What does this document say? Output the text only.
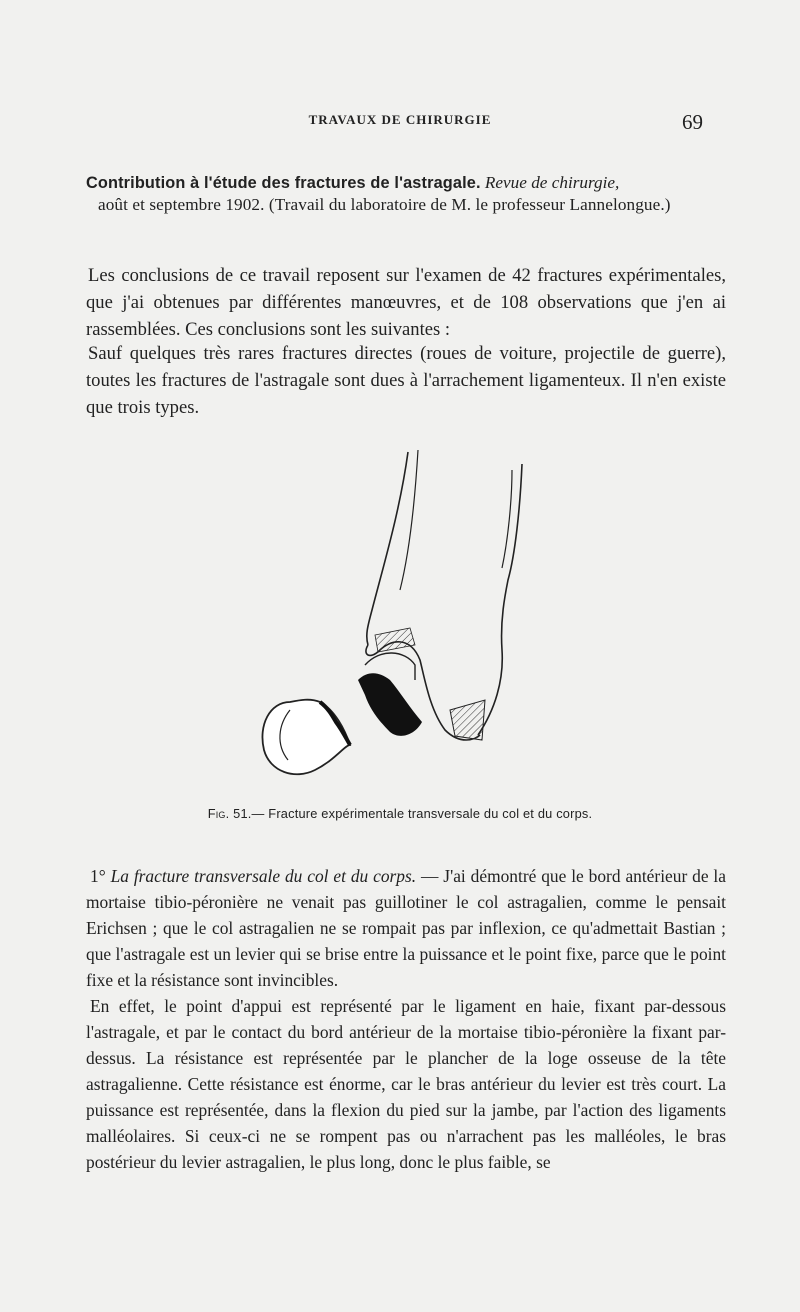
TRAVAUX DE CHIRURGIE	69
Contribution à l'étude des fractures de l'astragale. Revue de chirurgie,
août et septembre 1902. (Travail du laboratoire de M. le professeur Lannelongue.)
Les conclusions de ce travail reposent sur l'examen de 42 fractures expérimentales, que j'ai obtenues par différentes manœuvres, et de 108 observations que j'en ai rassemblées. Ces conclusions sont les suivantes :
Sauf quelques très rares fractures directes (roues de voiture, projectile de guerre), toutes les fractures de l'astragale sont dues à l'arrachement ligamenteux. Il n'en existe que trois types.
Fig. 51.— Fracture expérimentale transversale du col et du corps.

1° La fracture transversale du col et du corps. — J'ai démontré que le bord antérieur de la mortaise tibio-péronière ne venait pas guillotiner le col astragalien, comme le pensait Erichsen ; que le col astragalien ne se rompait pas par inflexion, ce qu'admettait Bastian ; que l'astragale est un levier qui se brise entre la puissance et le point fixe, parce que le point fixe et la résistance sont invincibles.

En effet, le point d'appui est représenté par le ligament en haie, fixant par-dessous l'astragale, et par le contact du bord antérieur de la mortaise tibio-péronière la fixant par-dessus. La résistance est représentée par le plancher de la loge osseuse de la tête astragalienne. Cette résistance est énorme, car le bras antérieur du levier est très court. La puissance est représentée, dans la flexion du pied sur la jambe, par l'action des ligaments malléolaires. Si ceux-ci ne se rompent pas ou n'arrachent pas les malléoles, le bras postérieur du levier astragalien, le plus long, donc le plus faible, se
